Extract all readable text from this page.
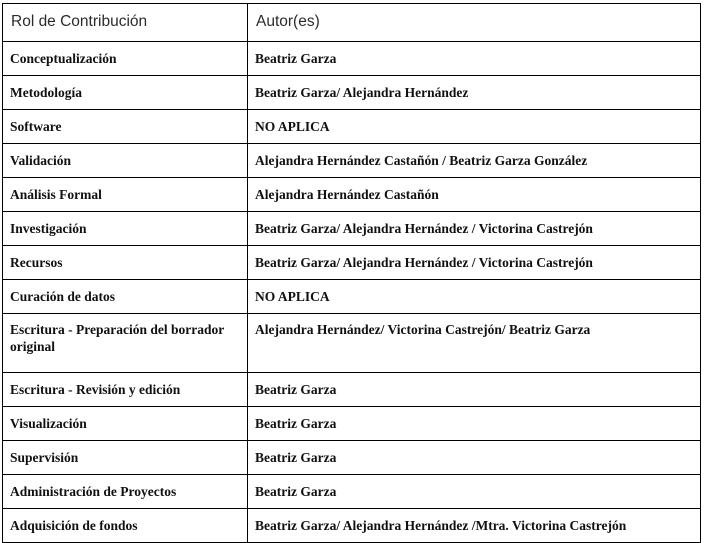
Rol de Contribución	Autor(es)
Conceptualización	Beatriz Garza
Metodología	Beatriz Garza/ Alejandra Hernández
Software	NO APLICA
Validación	Alejandra Hernández Castañón / Beatriz Garza González
Análisis Formal	Alejandra Hernández Castañón
Investigación	Beatriz Garza/ Alejandra Hernández / Victorina Castrejón
Recursos	Beatriz Garza/ Alejandra Hernández / Victorina Castrejón
Curación de datos	NO APLICA
Escritura - Preparación del borrador original	Alejandra Hernández/ Victorina Castrejón/ Beatriz Garza
Escritura - Revisión y edición	Beatriz Garza
Visualización	Beatriz Garza
Supervisión	Beatriz Garza
Administración de Proyectos	Beatriz Garza
Adquisición de fondos	Beatriz Garza/ Alejandra Hernández /Mtra. Victorina Castrejón
